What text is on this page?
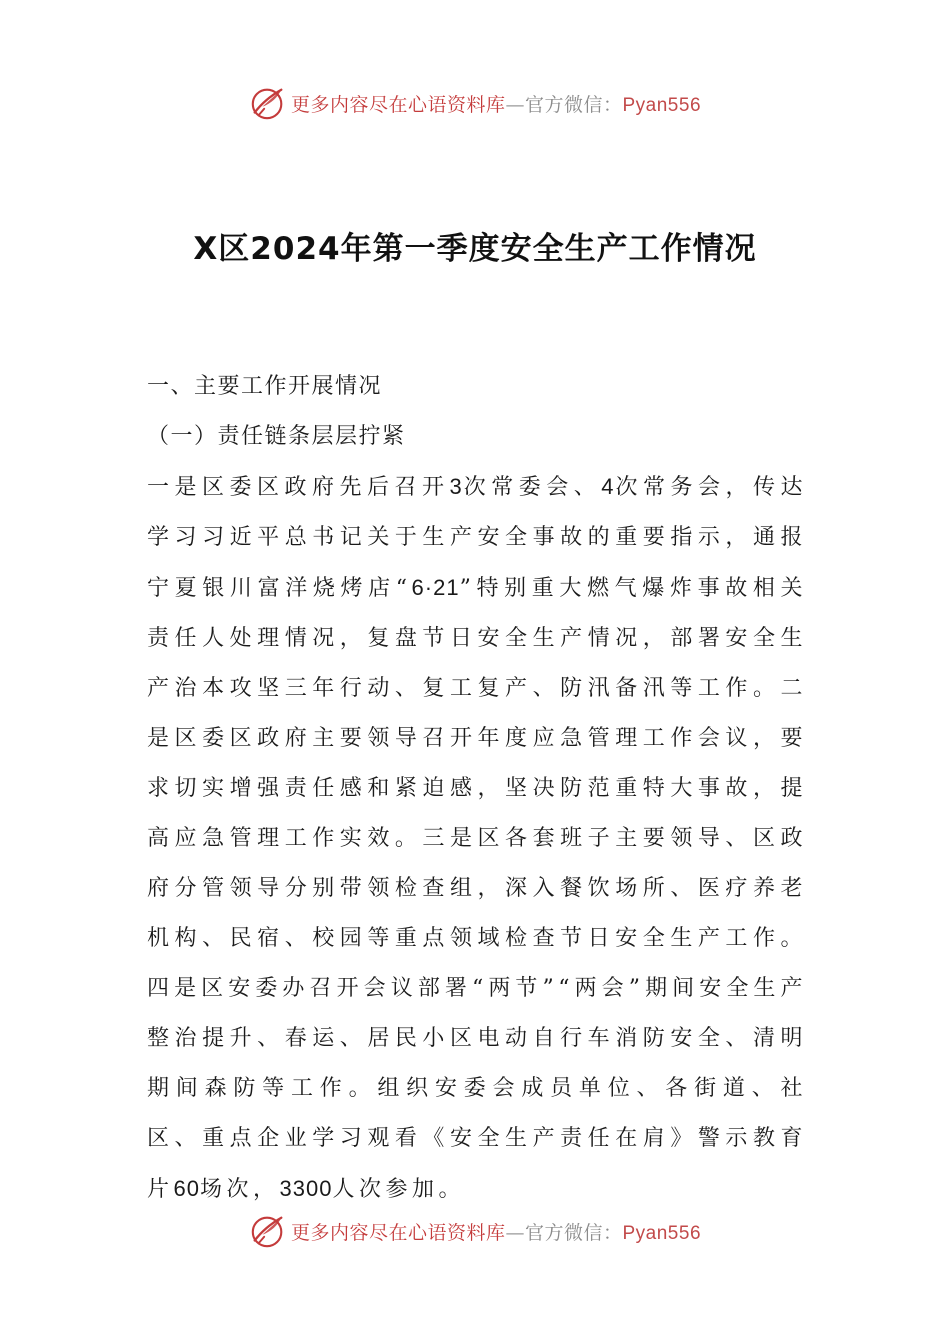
更多内容尽在心语资料库—官方微信：Pyan556
X区2024年第一季度安全生产工作情况

一、主要工作开展情况

（一）责任链条层层拧紧

一是区委区政府先后召开3次常委会、4次常务会，传达学习习近平总书记关于生产安全事故的重要指示，通报宁夏银川富洋烧烤店“6·21”特别重大燃气爆炸事故相关责任人处理情况，复盘节日安全生产情况，部署安全生产治本攻坚三年行动、复工复产、防汛备汛等工作。二是区委区政府主要领导召开年度应急管理工作会议，要求切实增强责任感和紧迫感，坚决防范重特大事故，提高应急管理工作实效。三是区各套班子主要领导、区政府分管领导分别带领检查组，深入餐饮场所、医疗养老机构、民宿、校园等重点领域检查节日安全生产工作。四是区安委办召开会议部署“两节”“两会”期间安全生产整治提升、春运、居民小区电动自行车消防安全、清明期间森防等工作。组织安委会成员单位、各街道、社区、重点企业学习观看《安全生产责任在肩》警示教育片60场次，3300人次参加。

更多内容尽在心语资料库—官方微信：Pyan556
